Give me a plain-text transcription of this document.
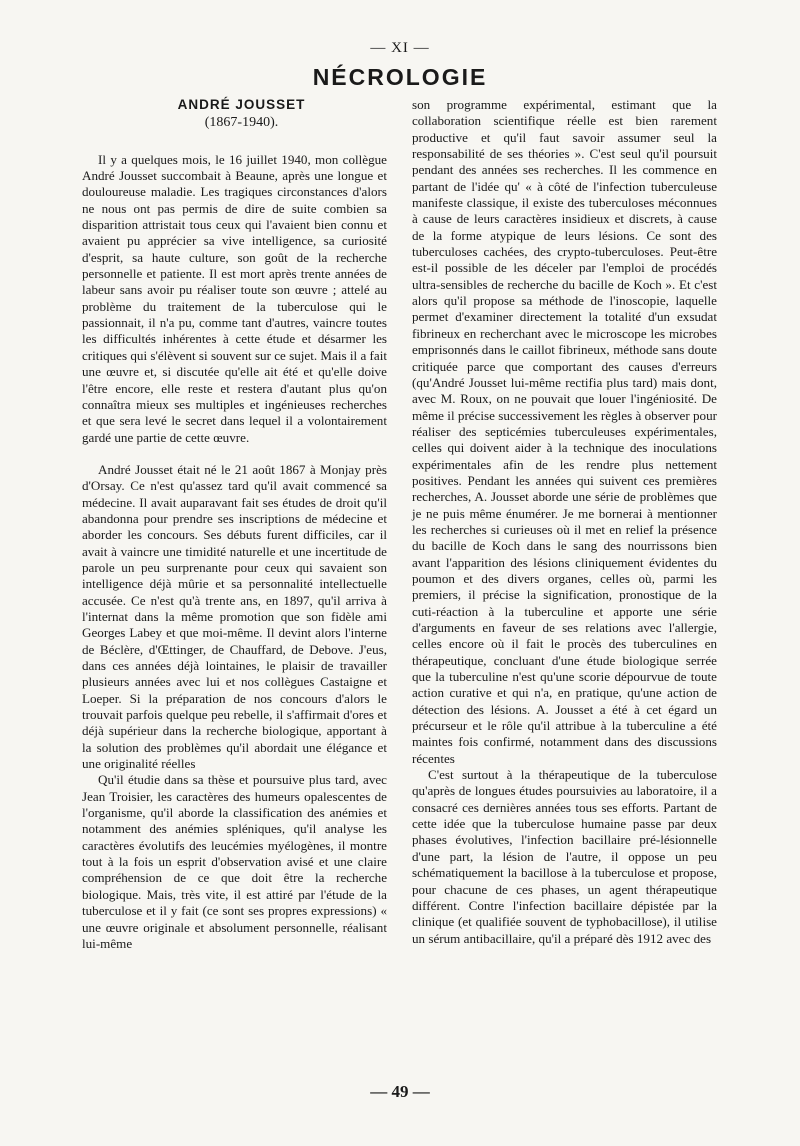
— XI —
NÉCROLOGIE
ANDRÉ JOUSSET
(1867-1940).

Il y a quelques mois, le 16 juillet 1940, mon collègue André Jousset succombait à Beaune, après une longue et douloureuse maladie. Les tragiques circonstances d'alors ne nous ont pas permis de dire de suite combien sa disparition attristait tous ceux qui l'avaient bien connu et avaient pu apprécier sa vive intelligence, sa curiosité d'esprit, sa haute culture, son goût de la recherche personnelle et patiente. Il est mort après trente années de labeur sans avoir pu réaliser toute son œuvre ; attelé au problème du traitement de la tuberculose qui le passionnait, il n'a pu, comme tant d'autres, vaincre toutes les difficultés inhérentes à cette étude et désarmer les critiques qui s'élèvent si souvent sur ce sujet. Mais il a fait une œuvre et, si discutée qu'elle ait été et qu'elle doive l'être encore, elle reste et restera d'autant plus qu'on connaîtra mieux ses multiples et ingénieuses recherches et que sera levé le secret dans lequel il a volontairement gardé une partie de cette œuvre.

André Jousset était né le 21 août 1867 à Monjay près d'Orsay. Ce n'est qu'assez tard qu'il avait commencé sa médecine. Il avait auparavant fait ses études de droit qu'il abandonna pour prendre ses inscriptions de médecine et aborder les concours. Ses débuts furent difficiles, car il avait à vaincre une timidité naturelle et une incertitude de parole un peu surprenante pour ceux qui savaient son intelligence déjà mûrie et sa personnalité intellectuelle accusée. Ce n'est qu'à trente ans, en 1897, qu'il arriva à l'internat dans la même promotion que son fidèle ami Georges Labey et que moi-même. Il devint alors l'interne de Béclère, d'Œttinger, de Chauffard, de Debove. J'eus, dans ces années déjà lointaines, le plaisir de travailler plusieurs années avec lui et nos collègues Castaigne et Loeper. Si la préparation de nos concours d'alors le trouvait parfois quelque peu rebelle, il s'affirmait d'ores et déjà supérieur dans la recherche biologique, apportant à la solution des problèmes qu'il abordait une élégance et une originalité réelles

Qu'il étudie dans sa thèse et poursuive plus tard, avec Jean Troisier, les caractères des humeurs opalescentes de l'organisme, qu'il aborde la classification des anémies et notamment des anémies spléniques, qu'il analyse les caractères évolutifs des leucémies myélogènes, il montre tout à la fois un esprit d'observation avisé et une claire compréhension de ce que doit être la recherche biologique. Mais, très vite, il est attiré par l'étude de la tuberculose et il y fait (ce sont ses propres expressions) « une œuvre originale et absolument personnelle, réalisant lui-même

son programme expérimental, estimant que la collaboration scientifique réelle est bien rarement productive et qu'il faut savoir assumer seul la responsabilité de ses théories ». C'est seul qu'il poursuit pendant des années ses recherches. Il les commence en partant de l'idée qu' « à côté de l'infection tuberculeuse manifeste classique, il existe des tuberculoses méconnues à cause de leurs caractères insidieux et discrets, à cause de la forme atypique de leurs lésions. Ce sont des tuberculoses cachées, des crypto-tuberculoses. Peut-être est-il possible de les déceler par l'emploi de procédés ultra-sensibles de recherche du bacille de Koch ». Et c'est alors qu'il propose sa méthode de l'inoscopie, laquelle permet d'examiner directement la totalité d'un exsudat fibrineux en recherchant avec le microscope les microbes emprisonnés dans le caillot fibrineux, méthode sans doute critiquée parce que comportant des causes d'erreurs (qu'André Jousset lui-même rectifia plus tard) mais dont, avec M. Roux, on ne pouvait que louer l'ingéniosité. De même il précise successivement les règles à observer pour réaliser des septicémies tuberculeuses expérimentales, celles qui doivent aider à la technique des inoculations expérimentales afin de les rendre plus nettement positives. Pendant les années qui suivent ces premières recherches, A. Jousset aborde une série de problèmes que je ne puis même énumérer. Je me bornerai à mentionner les recherches si curieuses où il met en relief la présence du bacille de Koch dans le sang des nourrissons bien avant l'apparition des lésions cliniquement évidentes du poumon et des divers organes, celles où, parmi les premiers, il précise la signification, pronostique de la cuti-réaction à la tuberculine et apporte une série d'arguments en faveur de ses relations avec l'allergie, celles encore où il fait le procès des tuberculines en thérapeutique, concluant d'une étude biologique serrée que la tuberculine n'est qu'une scorie dépourvue de toute action curative et qui n'a, en pratique, qu'une action de détection des lésions. A. Jousset a été à cet égard un précurseur et le rôle qu'il attribue à la tuberculine a été maintes fois confirmé, notamment dans des discussions récentes

C'est surtout à la thérapeutique de la tuberculose qu'après de longues études poursuivies au laboratoire, il a consacré ces dernières années tous ses efforts. Partant de cette idée que la tuberculose humaine passe par deux phases évolutives, l'infection bacillaire pré-lésionnelle d'une part, la lésion de l'autre, il oppose un peu schématiquement la bacillose à la tuberculose et propose, pour chacune de ces phases, un agent thérapeutique différent. Contre l'infection bacillaire dépistée par la clinique (et qualifiée souvent de typhobacillose), il utilise un sérum antibacillaire, qu'il a préparé dès 1912 avec des

— 49 —
